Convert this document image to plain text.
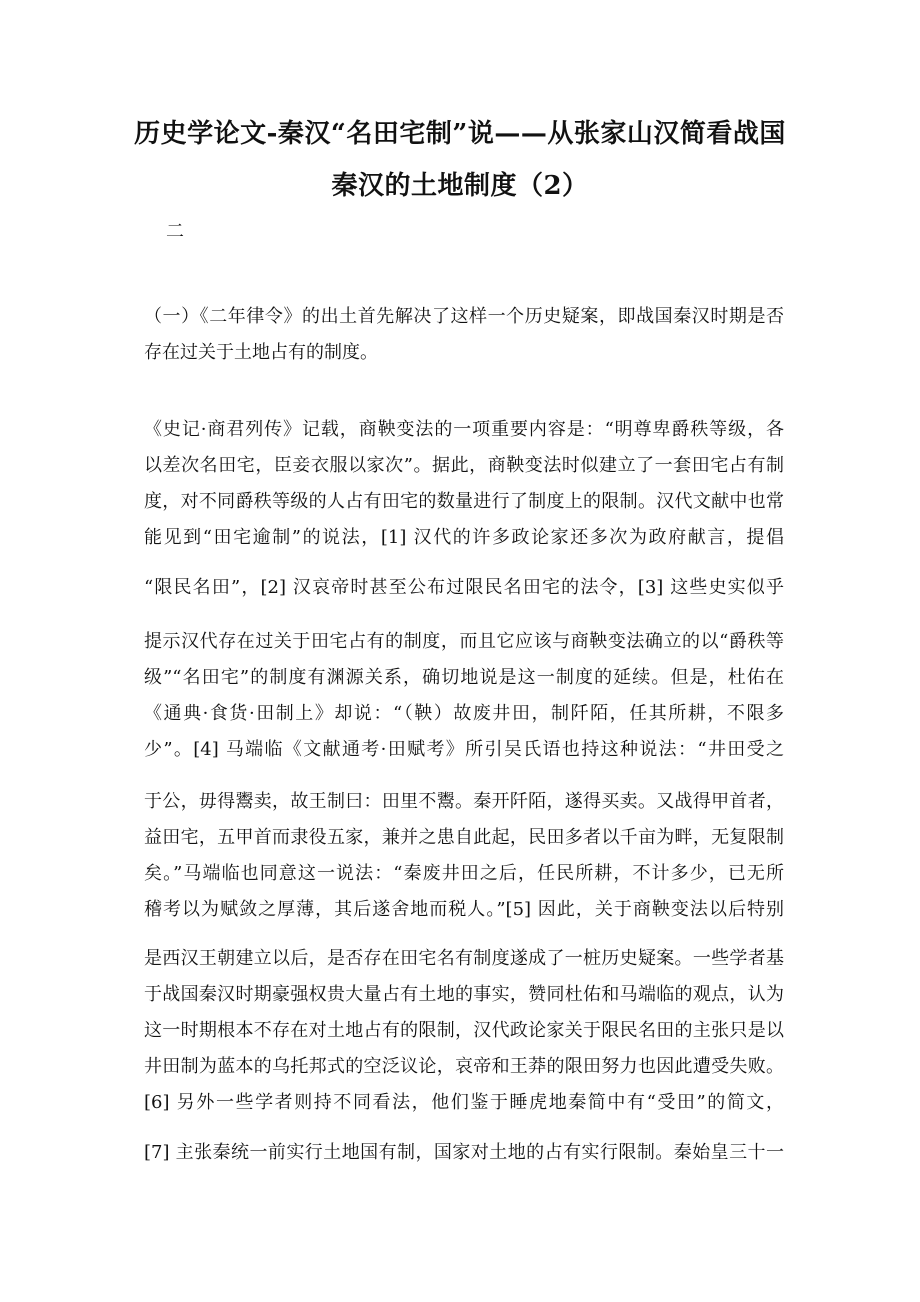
历史学论文-秦汉“名田宅制”说——从张家山汉简看战国
秦汉的土地制度（2）
二
（一）《二年律令》的出土首先解决了这样一个历史疑案，即战国秦汉时期是否
存在过关于土地占有的制度。
《史记·商君列传》记载，商鞅变法的一项重要内容是：“明尊卑爵秩等级，各
以差次名田宅，臣妾衣服以家次”。据此，商鞅变法时似建立了一套田宅占有制
度，对不同爵秩等级的人占有田宅的数量进行了制度上的限制。汉代文献中也常
能见到“田宅逾制”的说法，[1] 汉代的许多政论家还多次为政府献言，提倡
“限民名田”，[2] 汉哀帝时甚至公布过限民名田宅的法令，[3] 这些史实似乎
提示汉代存在过关于田宅占有的制度，而且它应该与商鞅变法确立的以“爵秩等
级”“名田宅”的制度有渊源关系，确切地说是这一制度的延续。但是，杜佑在
《通典·食货·田制上》却说：“（鞅）故废井田，制阡陌，任其所耕，不限多
少”。[4] 马端临《文献通考·田赋考》所引吴氏语也持这种说法：“井田受之
于公，毋得鬻卖，故王制曰：田里不鬻。秦开阡陌，遂得买卖。又战得甲首者，
益田宅，五甲首而隶役五家，兼并之患自此起，民田多者以千亩为畔，无复限制
矣。”马端临也同意这一说法：“秦废井田之后，任民所耕，不计多少，已无所
稽考以为赋敛之厚薄，其后遂舍地而税人。”[5] 因此，关于商鞅变法以后特别
是西汉王朝建立以后，是否存在田宅名有制度遂成了一桩历史疑案。一些学者基
于战国秦汉时期豪强权贵大量占有土地的事实，赞同杜佑和马端临的观点，认为
这一时期根本不存在对土地占有的限制，汉代政论家关于限民名田的主张只是以
井田制为蓝本的乌托邦式的空泛议论，哀帝和王莽的限田努力也因此遭受失败。
[6] 另外一些学者则持不同看法，他们鉴于睡虎地秦简中有“受田”的简文，
[7] 主张秦统一前实行土地国有制，国家对土地的占有实行限制。秦始皇三十一
